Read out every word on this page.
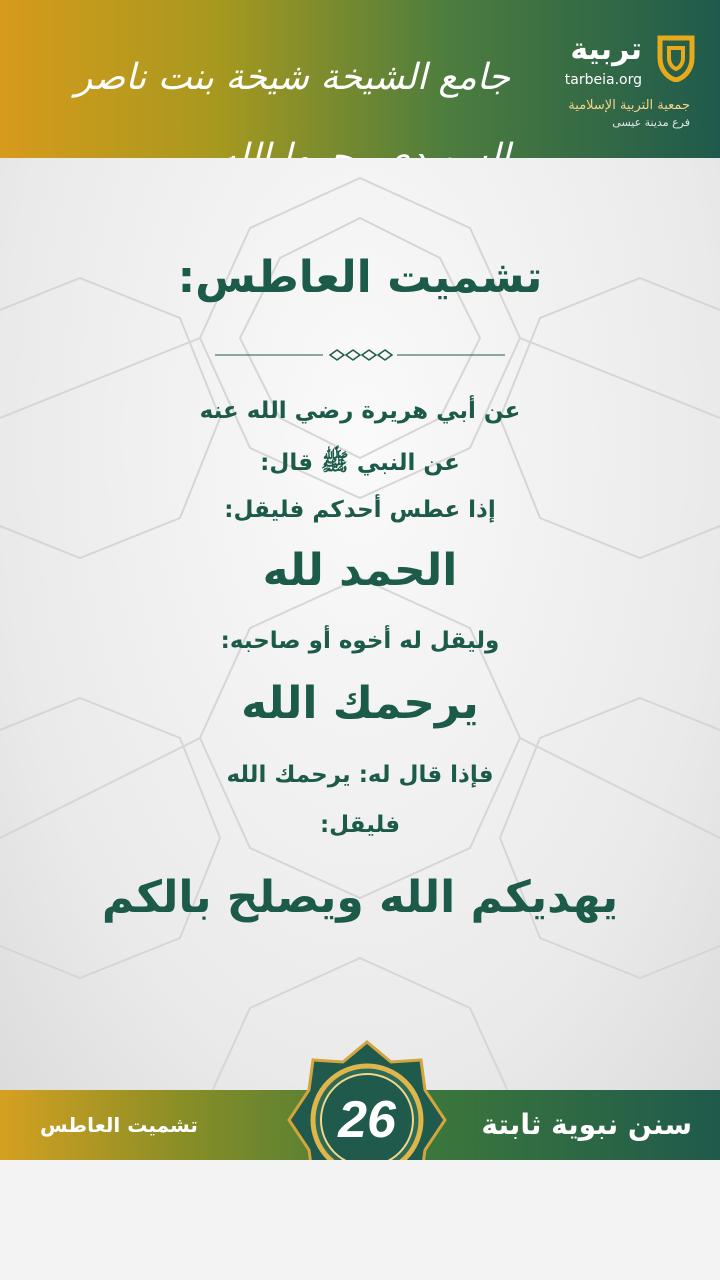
جامع الشيخة شيخة بنت ناصر
تربية
tarbeia.org
جمعية التربية الإسلامية
فرع مدينة عيسى
تشميت العاطس:
عن أبي هريرة رضي الله عنه
عن النبي ﷺ قال:
إذا عطس أحدكم فليقل:
الحمد لله
وليقل له أخوه أو صاحبه:
يرحمك الله
فإذا قال له: يرحمك الله
فليقل:
يهديكم الله ويصلح بالكم
تشميت العاطس	سنن نبوية ثابتة
26
